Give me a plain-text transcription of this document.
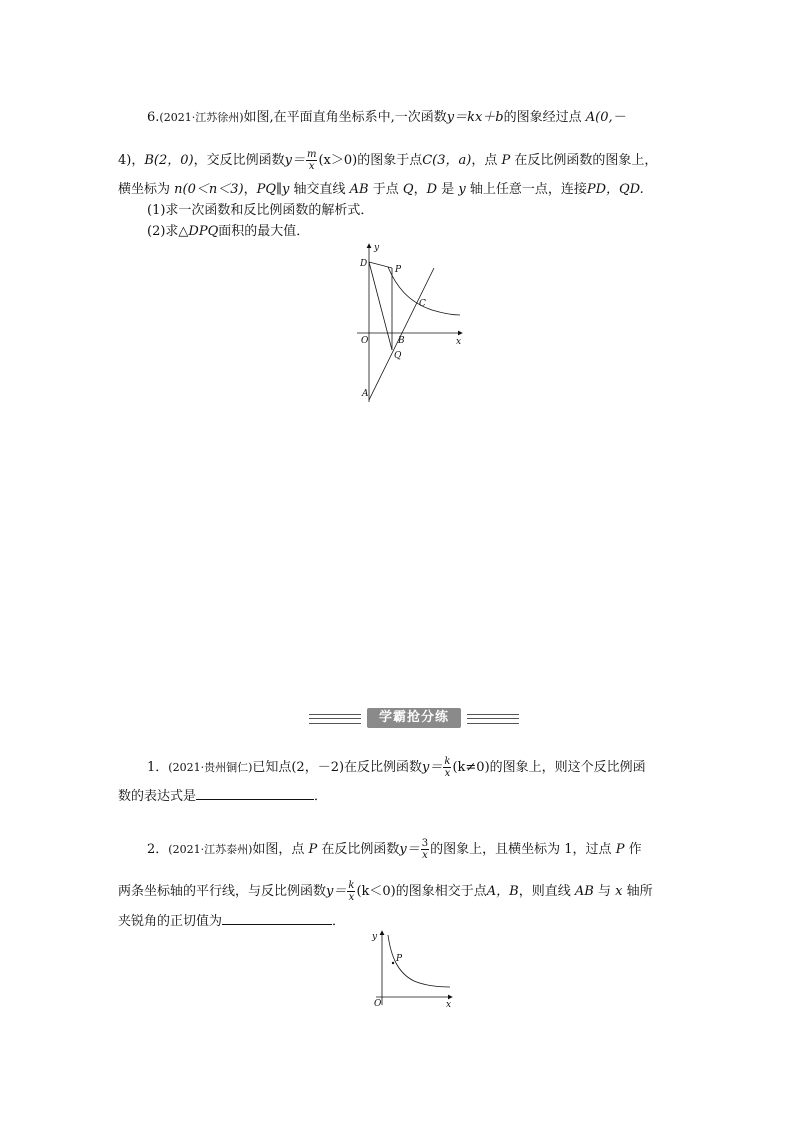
6.(2021·江苏徐州)如图,在平面直角坐标系中,一次函数y＝kx＋b的图象经过点 A(0,－
4)，B(2，0)，交反比例函数$y= \frac{m}{x} (x>0)$的图象于点C(3，a)，点 P 在反比例函数的图象上，
横坐标为 n(0＜n＜3)，PQ∥y 轴交直线 AB 于点 Q，D 是 y 轴上任意一点，连接PD，QD.
(1)求一次函数和反比例函数的解析式．
(2)求△DPQ面积的最大值．
y
x
D
P
C
O	B
Q
A
学霸抢分练
1．(2021·贵州铜仁)已知点(2，－2)在反比例函数$y= \frac{k}{x} (k\ne 0)$的图象上，则这个反比例函
数的表达式是	．
2．(2021·江苏泰州)如图，点 P 在反比例函数$y= \frac{3}{x}$ 的图象上，且横坐标为 1，过点 P 作
两条坐标轴的平行线，与反比例函数$y= \frac{k}{x} (k<0)$的图象相交于点A，B，则直线 AB 与 x 轴所
夹锐角的正切值为	．
y
x
O
P
